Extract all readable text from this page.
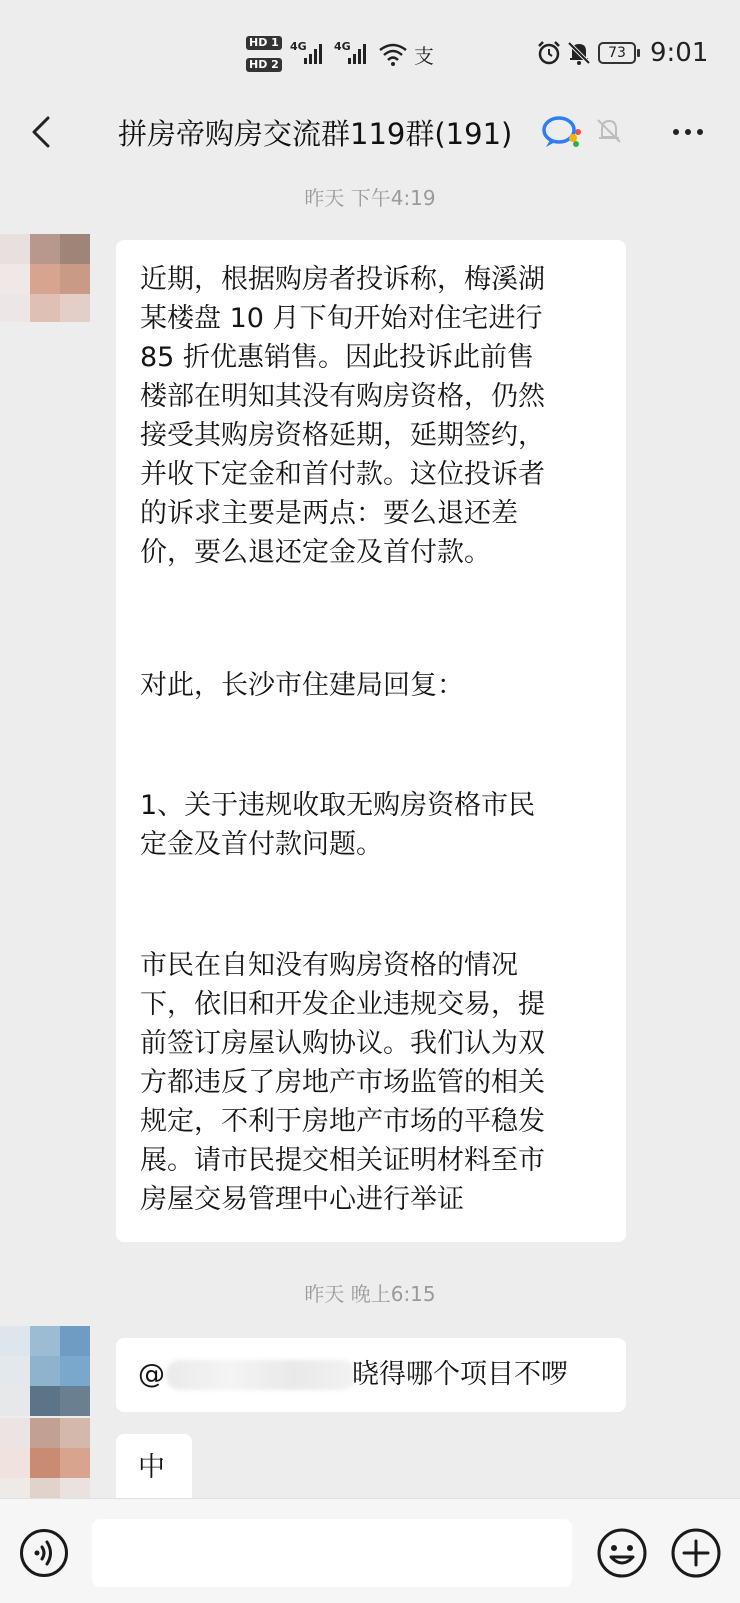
HD 1
HD 2
4G 4G	支	73 9:01
拼房帝购房交流群119群(191)
昨天 下午4:19
近期，根据购房者投诉称，梅溪湖
某楼盘 10 月下旬开始对住宅进行
85 折优惠销售。因此投诉此前售
楼部在明知其没有购房资格，仍然
接受其购房资格延期，延期签约，
并收下定金和首付款。这位投诉者
的诉求主要是两点：要么退还差
价，要么退还定金及首付款。
对此，长沙市住建局回复：
1、关于违规收取无购房资格市民
定金及首付款问题。
市民在自知没有购房资格的情况
下，依旧和开发企业违规交易，提
前签订房屋认购协议。我们认为双
方都违反了房地产市场监管的相关
规定，不利于房地产市场的平稳发
展。请市民提交相关证明材料至市
房屋交易管理中心进行举证
昨天 晚上6:15
@	晓得哪个项目不啰
中
